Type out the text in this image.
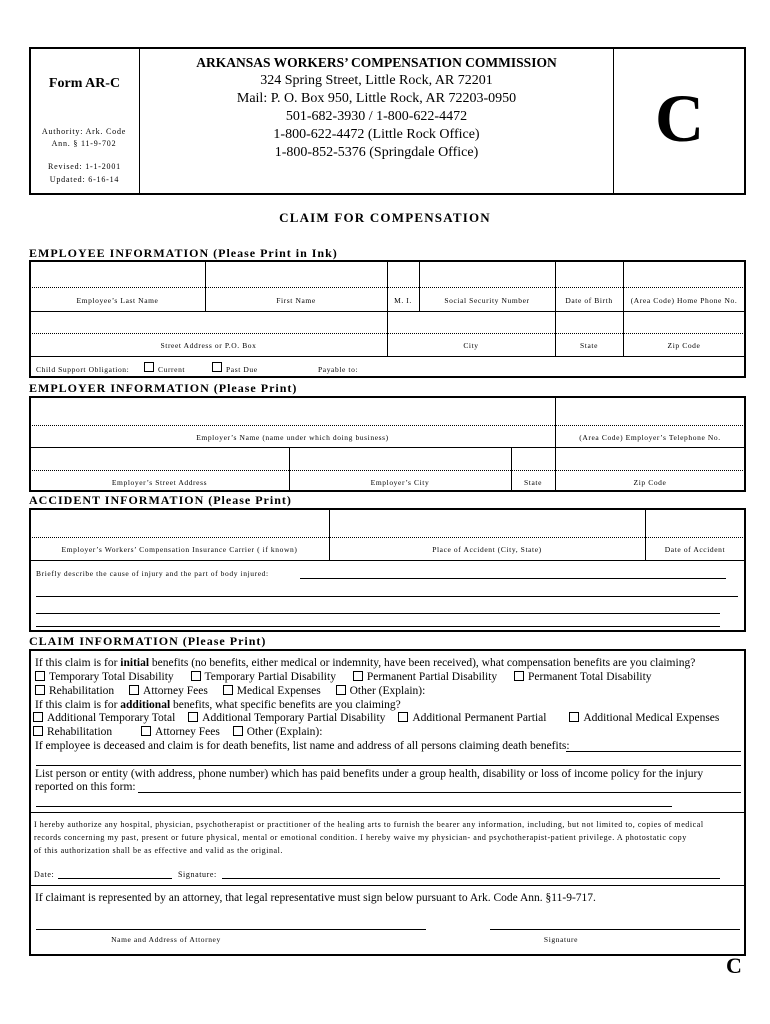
Form AR-C
Authority: Ark. Code Ann. § 11-9-702
Revised: 1-1-2001
Updated: 6-16-14
ARKANSAS WORKERS’ COMPENSATION COMMISSION
324 Spring Street, Little Rock, AR 72201
Mail: P. O. Box 950, Little Rock, AR 72203-0950
501-682-3930 / 1-800-622-4472
1-800-622-4472 (Little Rock Office)
1-800-852-5376 (Springdale Office)	C
CLAIM FOR COMPENSATION
EMPLOYEE INFORMATION (Please Print in Ink)
Employee’s Last Name	First Name	M. I.	Social Security Number	Date of Birth	(Area Code) Home Phone No.
Street Address or P.O. Box	City	State	Zip Code
Child Support Obligation:	Current	Past Due	Payable to:
EMPLOYER INFORMATION (Please Print)
Employer’s Name (name under which doing business)	(Area Code) Employer’s Telephone No.
Employer’s Street Address	Employer’s City	State	Zip Code
ACCIDENT INFORMATION (Please Print)
Employer’s Workers’ Compensation Insurance Carrier ( if known)	Place of Accident (City, State)	Date of Accident
Briefly describe the cause of injury and the part of body injured:
CLAIM INFORMATION (Please Print)
If this claim is for initial benefits (no benefits, either medical or indemnity, have been received), what compensation benefits are you claiming?
Temporary Total Disability	Temporary Partial Disability	Permanent Partial Disability	Permanent Total Disability
Rehabilitation	Attorney Fees	Medical Expenses	Other (Explain):
If this claim is for additional benefits, what specific benefits are you claiming?
Additional Temporary Total Additional Temporary Partial Disability Additional Permanent Partial	Additional Medical Expenses
Rehabilitation	Attorney Fees Other (Explain):
If employee is deceased and claim is for death benefits, list name and address of all persons claiming death benefits:
List person or entity (with address, phone number) which has paid benefits under a group health, disability or loss of income policy for the injury
reported on this form:
I hereby authorize any hospital, physician, psychotherapist or practitioner of the healing arts to furnish the bearer any information, including, but not limited to, copies of medical
records concerning my past, present or future physical, mental or emotional condition. I hereby waive my physician- and psychotherapist-patient privilege. A photostatic copy
of this authorization shall be as effective and valid as the original.
Date:	Signature:
If claimant is represented by an attorney, that legal representative must sign below pursuant to Ark. Code Ann. §11-9-717.
Name and Address of Attorney	Signature
C
